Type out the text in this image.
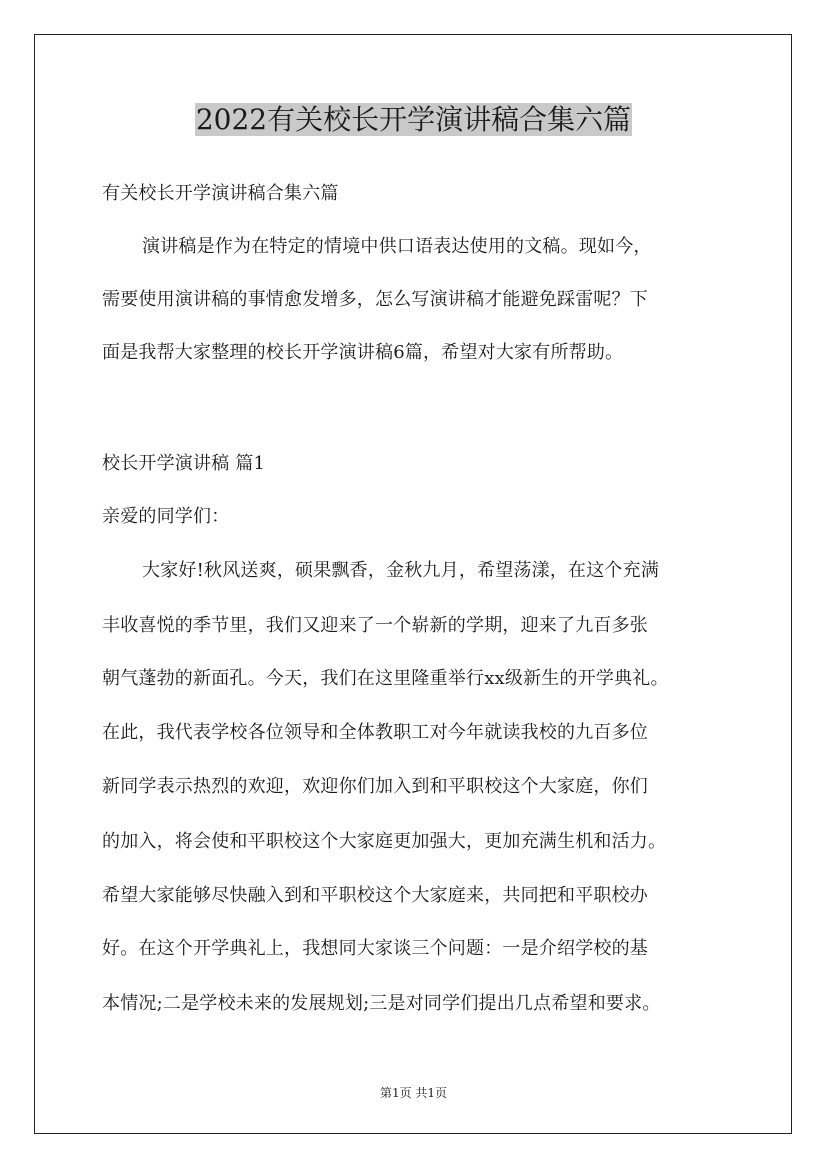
2022有关校长开学演讲稿合集六篇
有关校长开学演讲稿合集六篇
演讲稿是作为在特定的情境中供口语表达使用的文稿。现如今，
需要使用演讲稿的事情愈发增多，怎么写演讲稿才能避免踩雷呢？下
面是我帮大家整理的校长开学演讲稿6篇，希望对大家有所帮助。
校长开学演讲稿 篇1
亲爱的同学们：
大家好!秋风送爽，硕果飘香，金秋九月，希望荡漾，在这个充满
丰收喜悦的季节里，我们又迎来了一个崭新的学期，迎来了九百多张
朝气蓬勃的新面孔。今天，我们在这里隆重举行xx级新生的开学典礼。
在此，我代表学校各位领导和全体教职工对今年就读我校的九百多位
新同学表示热烈的欢迎，欢迎你们加入到和平职校这个大家庭，你们
的加入，将会使和平职校这个大家庭更加强大，更加充满生机和活力。
希望大家能够尽快融入到和平职校这个大家庭来，共同把和平职校办
好。在这个开学典礼上，我想同大家谈三个问题：一是介绍学校的基
本情况;二是学校未来的发展规划;三是对同学们提出几点希望和要求。
第1页 共1页
